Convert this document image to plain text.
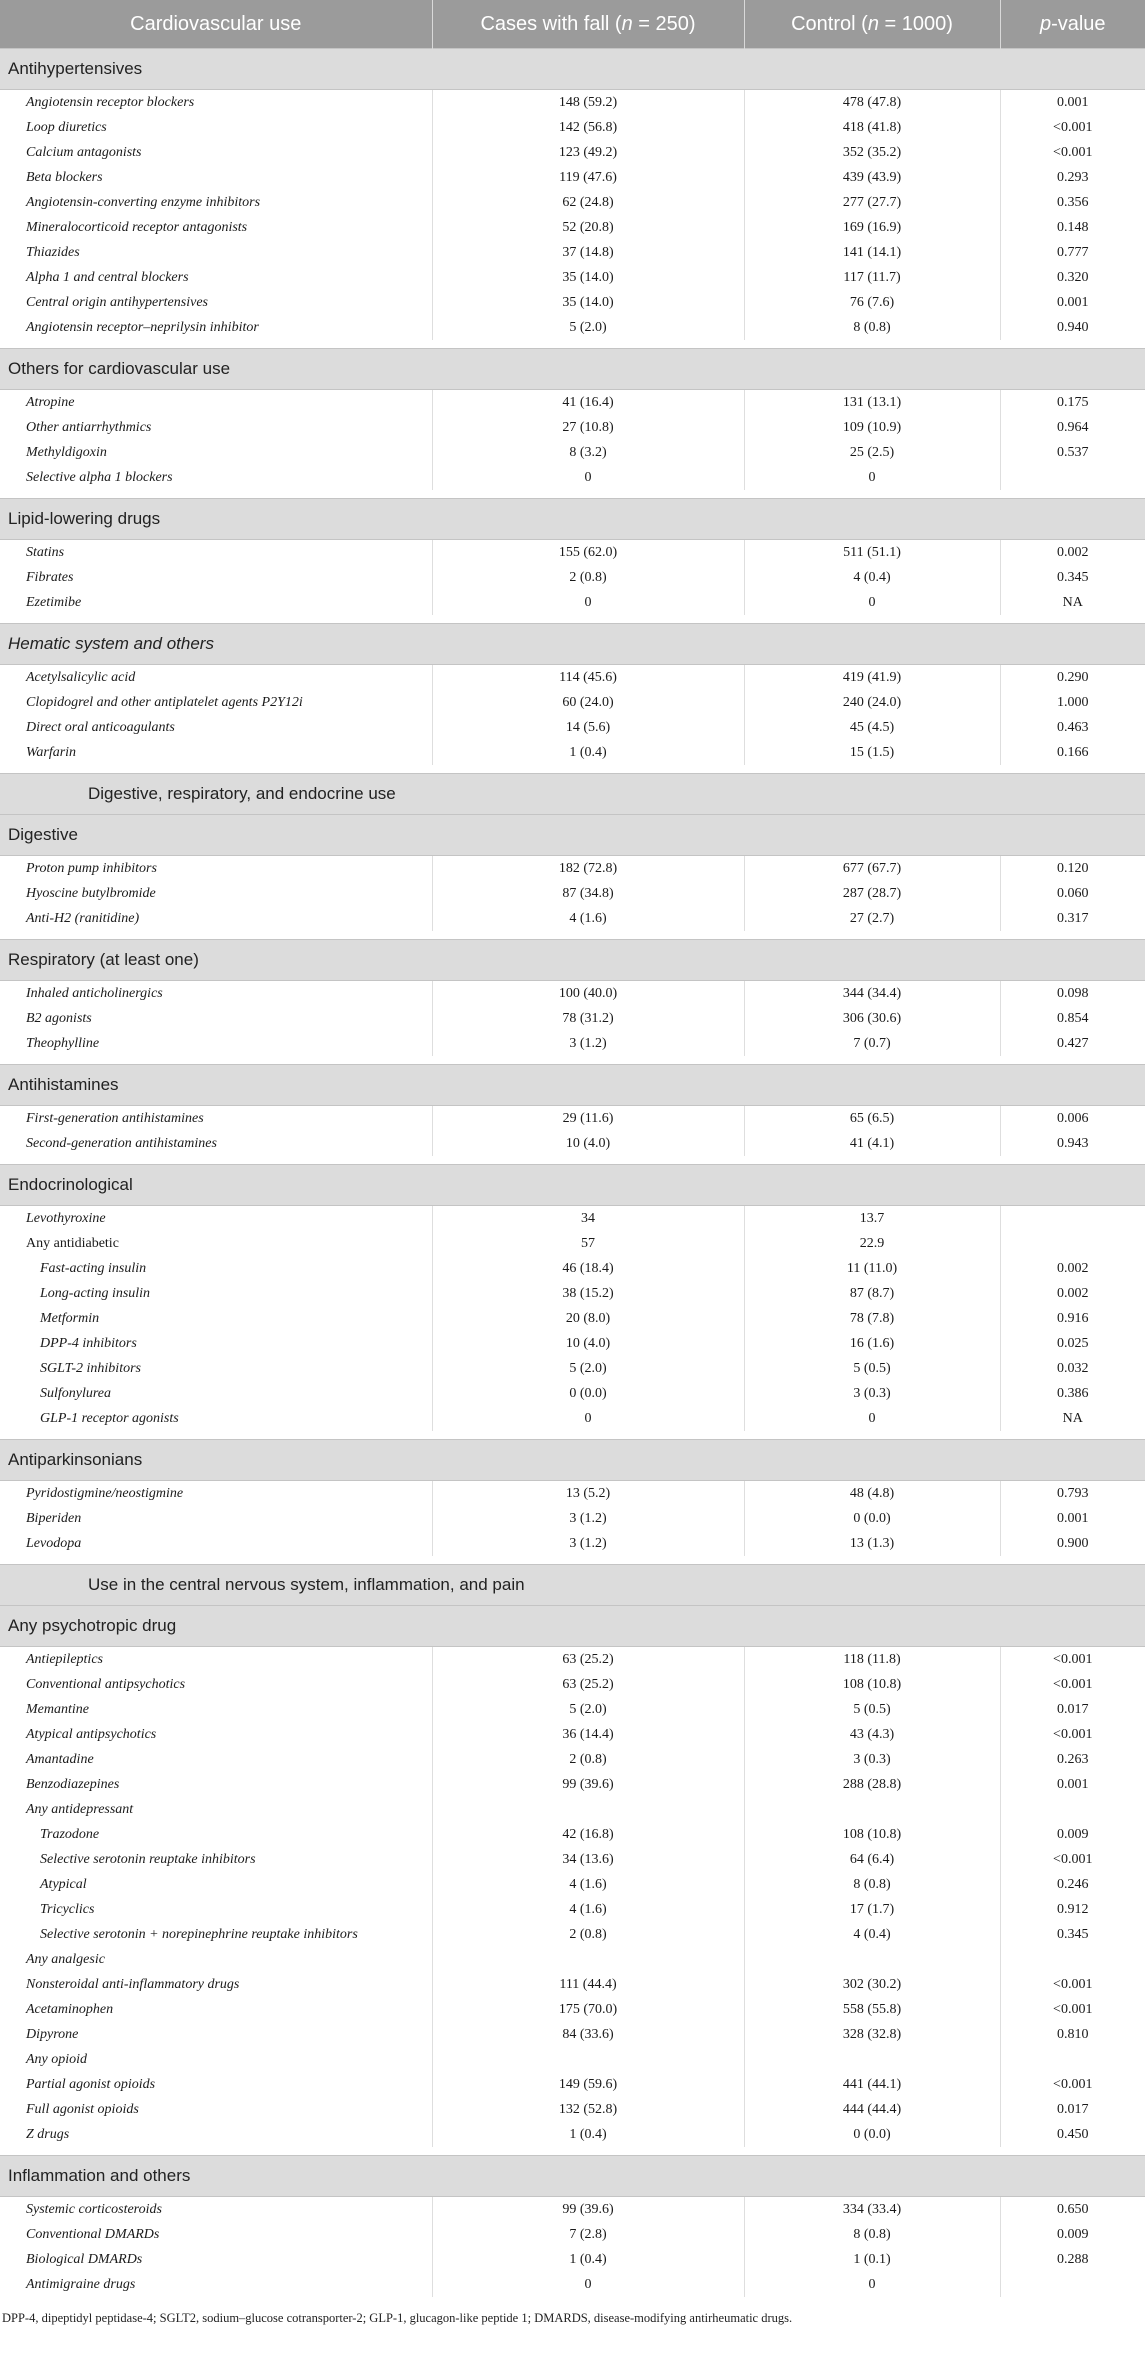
Cardiovascular use	Cases with fall (n = 250)	Control (n = 1000)	p-value
Antihypertensives			
Angiotensin receptor blockers	148 (59.2)	478 (47.8)	0.001
Loop diuretics	142 (56.8)	418 (41.8)	<0.001
Calcium antagonists	123 (49.2)	352 (35.2)	<0.001
Beta blockers	119 (47.6)	439 (43.9)	0.293
Angiotensin-converting enzyme inhibitors	62 (24.8)	277 (27.7)	0.356
Mineralocorticoid receptor antagonists	52 (20.8)	169 (16.9)	0.148
Thiazides	37 (14.8)	141 (14.1)	0.777
Alpha 1 and central blockers	35 (14.0)	117 (11.7)	0.320
Central origin antihypertensives	35 (14.0)	76 (7.6)	0.001
Angiotensin receptor–neprilysin inhibitor	5 (2.0)	8 (0.8)	0.940

Others for cardiovascular use			
Atropine	41 (16.4)	131 (13.1)	0.175
Other antiarrhythmics	27 (10.8)	109 (10.9)	0.964
Methyldigoxin	8 (3.2)	25 (2.5)	0.537
Selective alpha 1 blockers	0	0	

Lipid-lowering drugs			
Statins	155 (62.0)	511 (51.1)	0.002
Fibrates	2 (0.8)	4 (0.4)	0.345
Ezetimibe	0	0	NA

Hematic system and others			
Acetylsalicylic acid	114 (45.6)	419 (41.9)	0.290
Clopidogrel and other antiplatelet agents P2Y12i	60 (24.0)	240 (24.0)	1.000
Direct oral anticoagulants	14 (5.6)	45 (4.5)	0.463
Warfarin	1 (0.4)	15 (1.5)	0.166

Digestive, respiratory, and endocrine use			
Digestive			
Proton pump inhibitors	182 (72.8)	677 (67.7)	0.120
Hyoscine butylbromide	87 (34.8)	287 (28.7)	0.060
Anti-H2 (ranitidine)	4 (1.6)	27 (2.7)	0.317

Respiratory (at least one)			
Inhaled anticholinergics	100 (40.0)	344 (34.4)	0.098
B2 agonists	78 (31.2)	306 (30.6)	0.854
Theophylline	3 (1.2)	7 (0.7)	0.427

Antihistamines			
First-generation antihistamines	29 (11.6)	65 (6.5)	0.006
Second-generation antihistamines	10 (4.0)	41 (4.1)	0.943

Endocrinological			
Levothyroxine	34	13.7	
Any antidiabetic	57	22.9	
Fast-acting insulin	46 (18.4)	11 (11.0)	0.002
Long-acting insulin	38 (15.2)	87 (8.7)	0.002
Metformin	20 (8.0)	78 (7.8)	0.916
DPP-4 inhibitors	10 (4.0)	16 (1.6)	0.025
SGLT-2 inhibitors	5 (2.0)	5 (0.5)	0.032
Sulfonylurea	0 (0.0)	3 (0.3)	0.386
GLP-1 receptor agonists	0	0	NA

Antiparkinsonians			
Pyridostigmine/neostigmine	13 (5.2)	48 (4.8)	0.793
Biperiden	3 (1.2)	0 (0.0)	0.001
Levodopa	3 (1.2)	13 (1.3)	0.900

Use in the central nervous system, inflammation, and pain			
Any psychotropic drug			
Antiepileptics	63 (25.2)	118 (11.8)	<0.001
Conventional antipsychotics	63 (25.2)	108 (10.8)	<0.001
Memantine	5 (2.0)	5 (0.5)	0.017
Atypical antipsychotics	36 (14.4)	43 (4.3)	<0.001
Amantadine	2 (0.8)	3 (0.3)	0.263
Benzodiazepines	99 (39.6)	288 (28.8)	0.001
Any antidepressant			
Trazodone	42 (16.8)	108 (10.8)	0.009
Selective serotonin reuptake inhibitors	34 (13.6)	64 (6.4)	<0.001
Atypical	4 (1.6)	8 (0.8)	0.246
Tricyclics	4 (1.6)	17 (1.7)	0.912
Selective serotonin + norepinephrine reuptake inhibitors	2 (0.8)	4 (0.4)	0.345
Any analgesic			
Nonsteroidal anti-inflammatory drugs	111 (44.4)	302 (30.2)	<0.001
Acetaminophen	175 (70.0)	558 (55.8)	<0.001
Dipyrone	84 (33.6)	328 (32.8)	0.810
Any opioid			
Partial agonist opioids	149 (59.6)	441 (44.1)	<0.001
Full agonist opioids	132 (52.8)	444 (44.4)	0.017
Z drugs	1 (0.4)	0 (0.0)	0.450

Inflammation and others			
Systemic corticosteroids	99 (39.6)	334 (33.4)	0.650
Conventional DMARDs	7 (2.8)	8 (0.8)	0.009
Biological DMARDs	1 (0.4)	1 (0.1)	0.288
Antimigraine drugs	0	0	

DPP-4, dipeptidyl peptidase-4; SGLT2, sodium–glucose cotransporter-2; GLP-1, glucagon-like peptide 1; DMARDS, disease-modifying antirheumatic drugs.
